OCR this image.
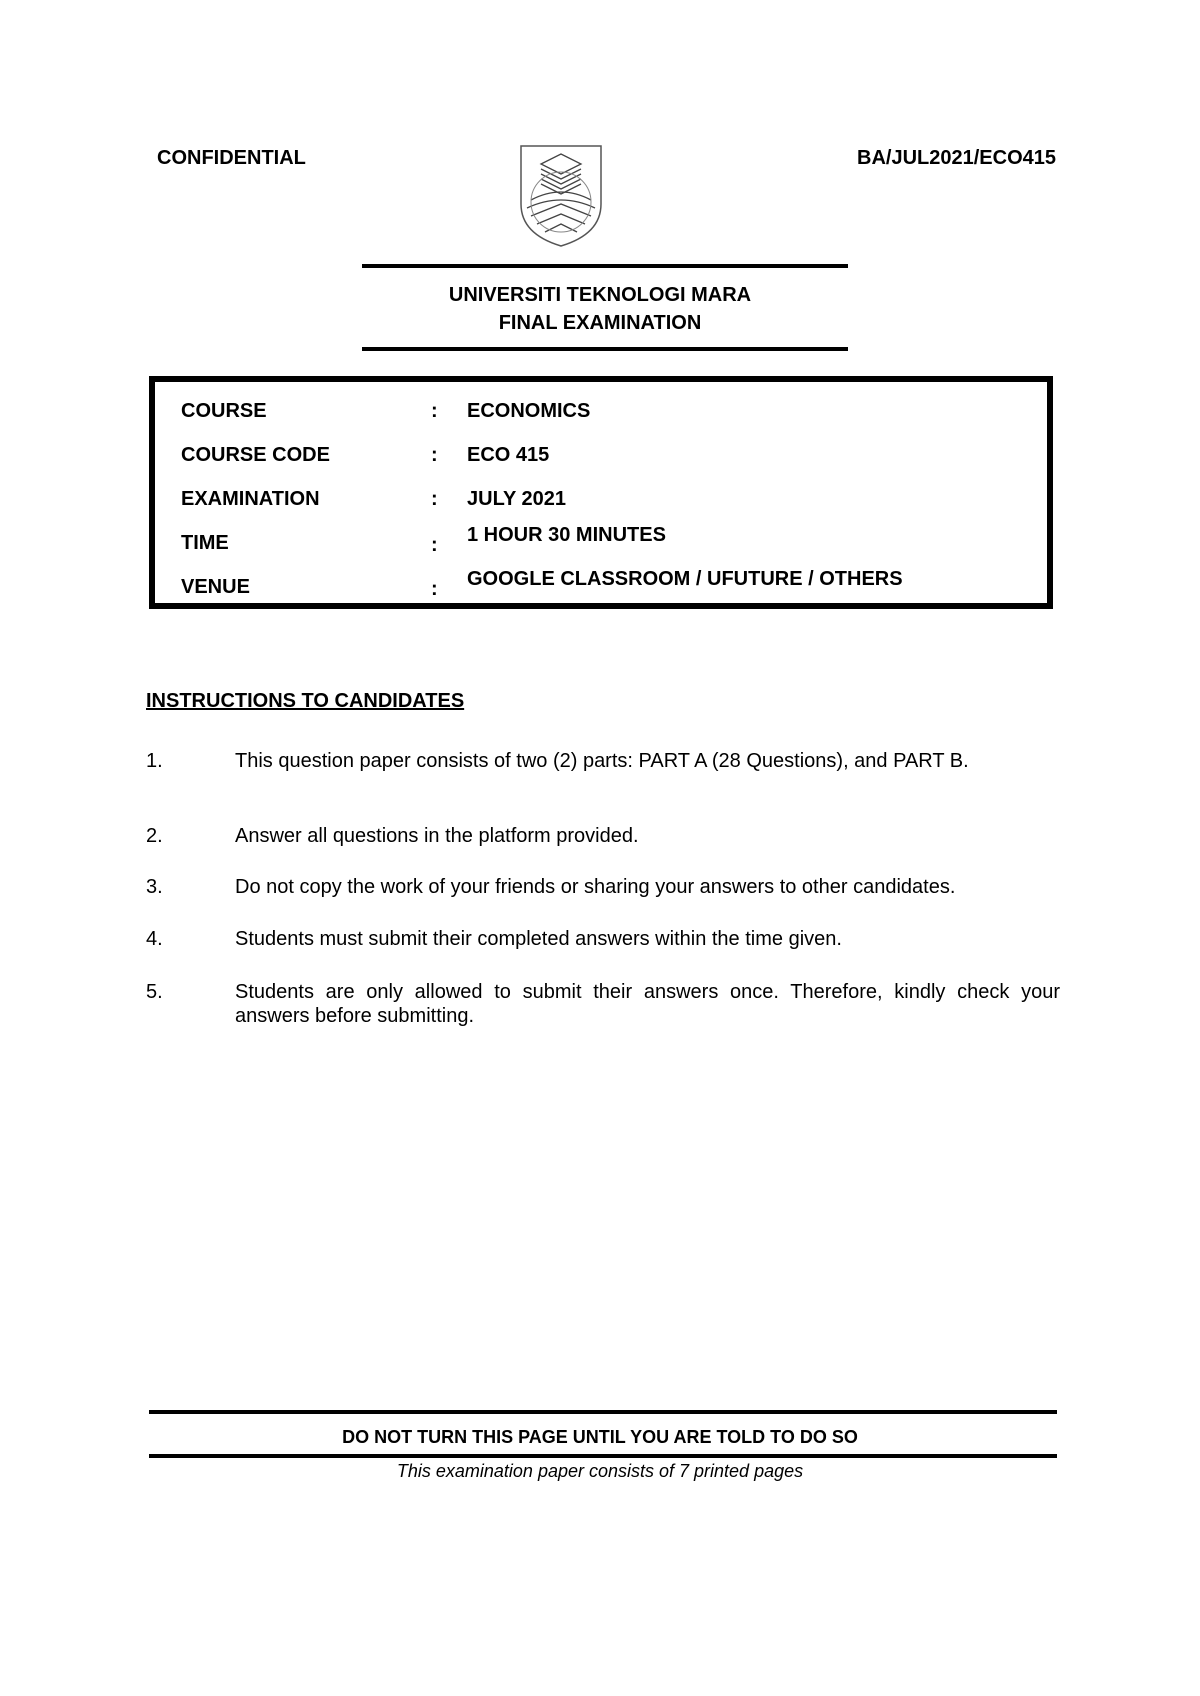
CONFIDENTIAL	BA/JUL2021/ECO415
UNIVERSITI TEKNOLOGI MARA
FINAL EXAMINATION
COURSE	: ECONOMICS
COURSE CODE	: ECO 415
EXAMINATION	: JULY 2021
TIME	: 1 HOUR 30 MINUTES
VENUE	: GOOGLE CLASSROOM / UFUTURE / OTHERS
INSTRUCTIONS TO CANDIDATES
1.	This question paper consists of two (2) parts: PART A (28 Questions), and PART B.
2.	Answer all questions in the platform provided.
3.	Do not copy the work of your friends or sharing your answers to other candidates.
4.	Students must submit their completed answers within the time given.
5.	Students are only allowed to submit their answers once. Therefore, kindly check your answers before submitting.
DO NOT TURN THIS PAGE UNTIL YOU ARE TOLD TO DO SO
This examination paper consists of 7 printed pages
